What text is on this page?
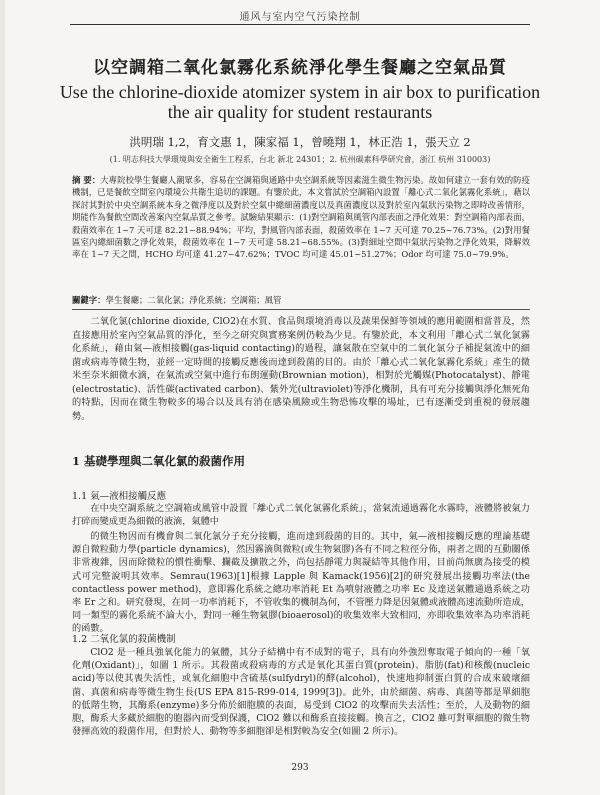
通风与室内空气污染控制
以空調箱二氧化氯霧化系統淨化學生餐廳之空氣品質
Use the chlorine-dioxide atomizer system in air box to purification the air quality for student restaurants
洪明瑞 1,2，育文惠 1，陳家福 1，曾曉翔 1，林正浩 1，張天立 2
(1. 明志科技大學環境與安全衛生工程系，台北 新北 24301；2. 杭州碳素科學研究會，浙江 杭州 310003)
摘 要：大專院校學生餐廳人潮眾多，容易在空調箱與通路中央空調系統等因素滋生微生物污染。故如何建立一套有效的防疫機制，已是餐飲空間室內環境公共衛生追切的課題。有鑒於此，本文嘗試於空調箱內設置「離心式二氧化氯霧化系統」，藉以探討其對於中央空調系統本身之微淨度以及對於空氣中總細菌濃度以及真菌濃度以及對於室內氣狀污染物之即時改善情形，期能作為餐飲空間改善案內空氣品質之參考。試驗結果顯示：(1)對空調箱與風管內部表面之淨化效果：對空調箱內部表面，殺菌效率在 1~7 天可達 82.21~88.94%；平均，對風管內部表面，殺菌效率在 1~7 天可達 70.25~76.73%。(2)對用餐區室內總細菌數之淨化效果，殺菌效率在 1~7 天可達 58.21~68.55%。(3)對細址空間中氣狀污染物之淨化效果，降解效率在 1~7 天之間，HCHO 均可達 41.27~47.62%；TVOC 均可達 45.01~51.27%；Odor 均可達 75.0~79.9%。
關鍵字：學生餐廳；二氧化氯；淨化系統；空調箱；風管
二氧化氯(chlorine dioxide, ClO2)在水質、食品與環境消毒以及蔬果保鮮等領域的應用範圍相當普及，然直接應用於室內空氣品質的淨化，至今之研究與實務案例仍較為少見。有鑒於此，本文利用「離心式二氧化氯霧化系統」，藉由氣—液相接觸(gas-liquid contacting)的過程，讓氣散在空氣中的二氧化氯分子補捉氣流中的細菌或病毒等微生物，並經一定時間的接觸反應後而達到殺菌的目的。由於「離心式二氧化氯霧化系統」產生的微米至奈米細微水滴，在氣流或空氣中進行布朗運動(Brownian motion)，相對於光觸媒(Photocatalyst)、靜電(electrostatic)、活性碳(activated carbon)、紫外光(ultraviolet)等淨化機制，具有可充分接觸與淨化無死角的特點，因而在微生物較多的場合以及具有消在感染風險或生物恐怖攻擊的場址，已有逐漸受到重視的發展趨勢。
1 基礎學理與二氧化氯的殺菌作用
1.1 氣—液相接觸反應
在中央空調系統之空調箱或風管中設置「離心式二氧化氯霧化系統」，當氣流通過霧化水霧時，液體將被氣力打碎而變成更為細微的液滴，氣體中
的微生物因而有機會與二氧化氯分子充分接觸，進而達到殺菌的目的。其中，氣—液相接觸反應的理論基礎源自微粒動力學(particle dynamics)，然因霧滴與微粒(或生物氣膠)各有不同之粒徑分佈，兩者之間的互動關係非常複雜，因而除微粒的慣性衝擊、攔截及擴散之外，尚包括靜電力與凝結等其他作用，目前尚無廣為接受的模式可完整說明其效率。Semrau(1963)[1]根據 Lapple 與 Kamack(1956)[2]的研究發展出接觸功率法(the contactless power method)，意即霧化系統之總功率消耗 Et 為噴射液體之功率 Ec 及達送氣體通過系統之功率 Er 之和。研究發現，在同一功率消耗下，不管收集的機制為何，不管壓力降是因氣體或液體高速流動所造成，同一類型的霧化系統不論大小，對同一種生物氣膠(bioaerosol)的收集效率大致相同，亦即收集效率為功率消耗的函數。
1.2 二氧化氯的殺菌機制
ClO2 是一種具強氧化能力的氣體，其分子結構中有不成對的電子，具有向外強烈奪取電子傾向的一種「氧化劑(Oxidant)」，如圖 1 所示。其殺菌或殺病毒的方式是氧化其蛋白質(protein)、脂肪(fat)和核酸(nucleic acid)等以使其喪失活性，或氧化細胞中含硫基(sulfydryl)的酵(alcohol)，快速地抑制蛋白質的合成來破壞細菌、真菌和病毒等微生物生長(US EPA 815-R99-014, 1999[3])。此外，由於細菌、病毒、真菌等都是單細胞的低階生物，其酶系(enzyme)多分佈於細胞膜的表面，易受到 ClO2 的攻擊而失去活性；至於，人及動物的細胞，酶系大多藏於細胞的胞器內而受到保護，ClO2 難以和酶系直接接觸。換言之，ClO2 雖可對單細胞的微生物發揮高效的殺菌作用，但對於人、動物等多細胞卻是相對較為安全(如圖 2 所示)。
293
